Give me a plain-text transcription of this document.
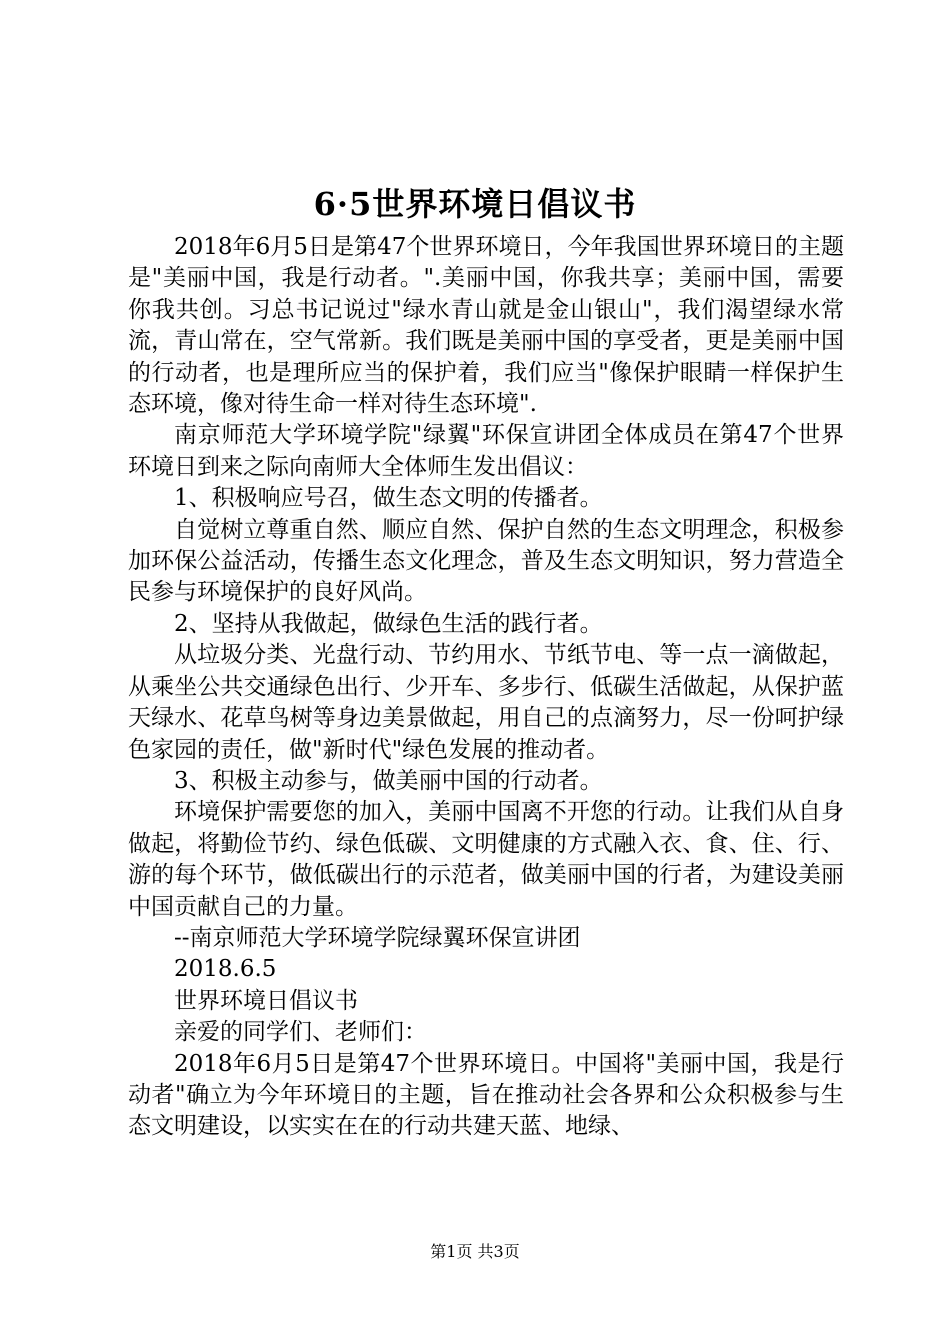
6·5世界环境日倡议书

2018年6月5日是第47个世界环境日，今年我国世界环境日的主题是"美丽中国，我是行动者。".美丽中国，你我共享；美丽中国，需要你我共创。习总书记说过"绿水青山就是金山银山"，我们渴望绿水常流，青山常在，空气常新。我们既是美丽中国的享受者，更是美丽中国的行动者，也是理所应当的保护着，我们应当"像保护眼睛一样保护生态环境，像对待生命一样对待生态环境".

南京师范大学环境学院"绿翼"环保宣讲团全体成员在第47个世界环境日到来之际向南师大全体师生发出倡议：

1、积极响应号召，做生态文明的传播者。

自觉树立尊重自然、顺应自然、保护自然的生态文明理念，积极参加环保公益活动，传播生态文化理念，普及生态文明知识，努力营造全民参与环境保护的良好风尚。

2、坚持从我做起，做绿色生活的践行者。

从垃圾分类、光盘行动、节约用水、节纸节电、等一点一滴做起，从乘坐公共交通绿色出行、少开车、多步行、低碳生活做起，从保护蓝天绿水、花草鸟树等身边美景做起，用自己的点滴努力，尽一份呵护绿色家园的责任，做"新时代"绿色发展的推动者。

3、积极主动参与，做美丽中国的行动者。

环境保护需要您的加入，美丽中国离不开您的行动。让我们从自身做起，将勤俭节约、绿色低碳、文明健康的方式融入衣、食、住、行、游的每个环节，做低碳出行的示范者，做美丽中国的行者，为建设美丽中国贡献自己的力量。

--南京师范大学环境学院绿翼环保宣讲团

2018.6.5

世界环境日倡议书

亲爱的同学们、老师们：

2018年6月5日是第47个世界环境日。中国将"美丽中国，我是行动者"确立为今年环境日的主题，旨在推动社会各界和公众积极参与生态文明建设，以实实在在的行动共建天蓝、地绿、

第1页 共3页
